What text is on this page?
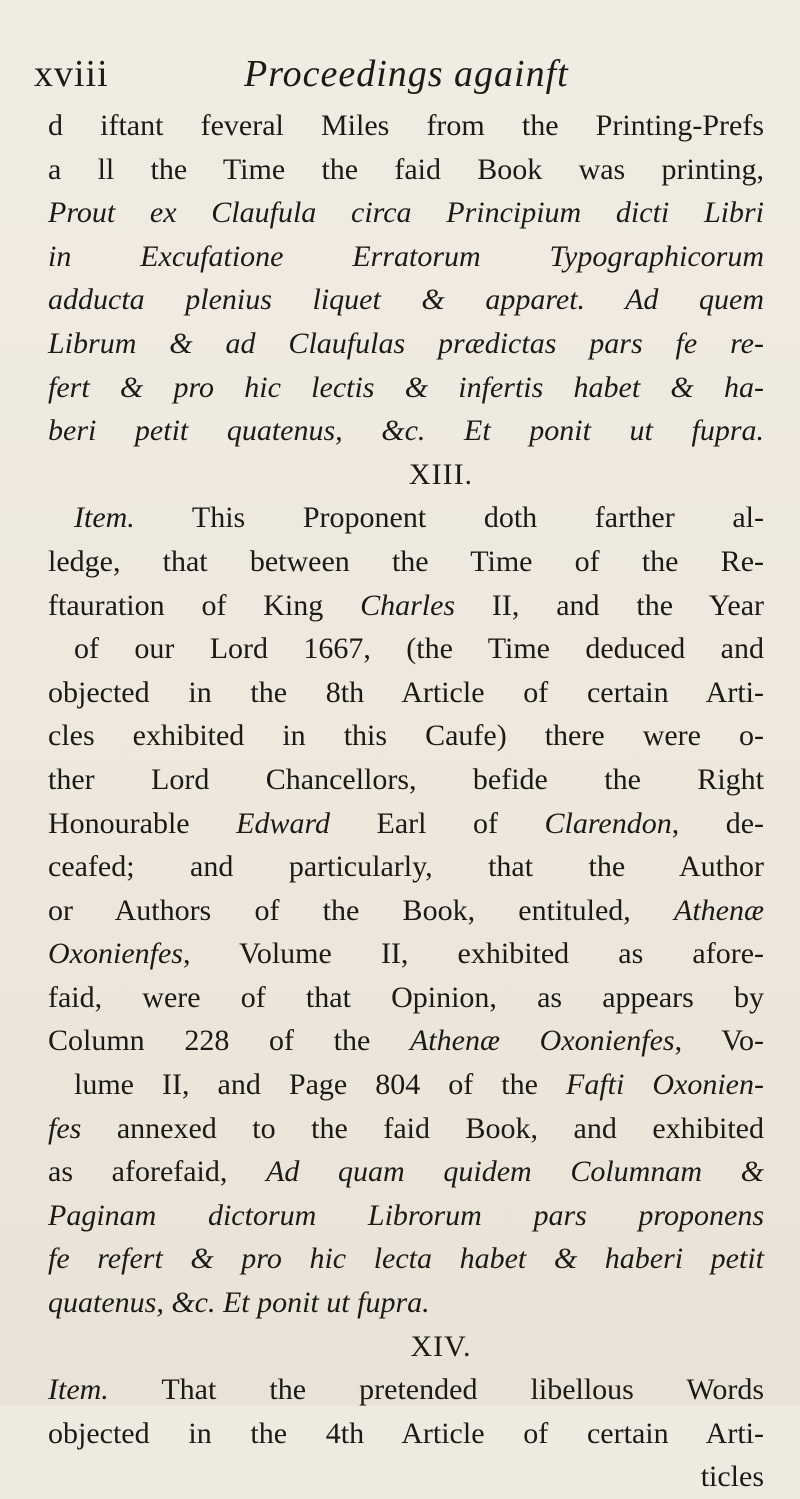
xviii	Proceedings againft
d iftant feveral Miles from the Printing-Prefs
a ll the Time the faid Book was printing,
Prout ex Claufula circa Principium dicti Libri
in Excufatione Erratorum Typographicorum
adducta plenius liquet & apparet. Ad quem
Librum & ad Claufulas prædictas pars fe re-
fert & pro hic lectis & infertis habet & ha-
beri petit quatenus, &c. Et ponit ut fupra.
XIII.
Item. This Proponent doth farther al-
ledge, that between the Time of the Re-
ftauration of King Charles II, and the Year
of our Lord 1667, (the Time deduced and
objected in the 8th Article of certain Arti-
cles exhibited in this Caufe) there were o-
ther Lord Chancellors, befide the Right
Honourable Edward Earl of Clarendon, de-
ceafed; and particularly, that the Author
or Authors of the Book, entituled, Athenæ
Oxonienfes, Volume II, exhibited as afore-
faid, were of that Opinion, as appears by
Column 228 of the Athenæ Oxonienfes, Vo-
lume II, and Page 804 of the Fafti Oxonien-
fes annexed to the faid Book, and exhibited
as aforefaid, Ad quam quidem Columnam &
Paginam dictorum Librorum pars proponens
fe refert & pro hic lecta habet & haberi petit
quatenus, &c. Et ponit ut fupra.
XIV.
Item. That the pretended libellous Words
objected in the 4th Article of certain Arti-
ticles
